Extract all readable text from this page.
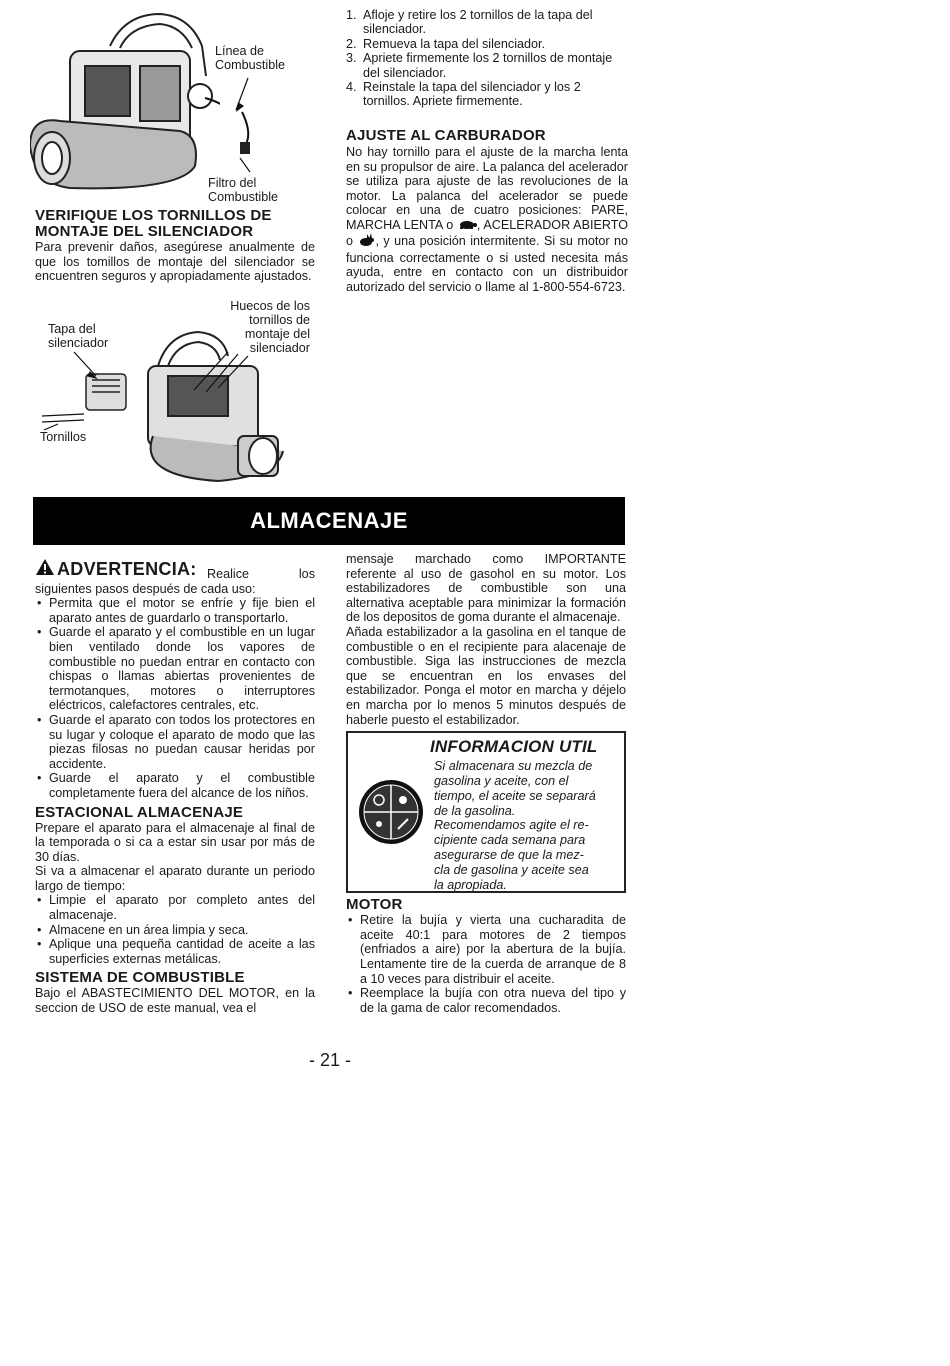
Línea de
Combustible
Filtro del
Combustible
VERIFIQUE LOS TORNILLOS DE
MONTAJE DEL SILENCIADOR

Para prevenir daños, asegúrese anualmente de que los tomillos de montaje del silenciador se encuentren seguros y apropiadamente ajustados.

Huecos de los
tornillos de
montaje del
silenciador
Tapa del
silenciador
Tornillos
1. Afloje y retire los 2 tornillos de la tapa del silenciador.
2. Remueva la tapa del silenciador.
3. Apriete firmemente los 2 tornillos de montaje del silenciador.
4. Reinstale la tapa del silenciador y los 2 tornillos. Apriete firmemente.
AJUSTE AL CARBURADOR

No hay tornillo para el ajuste de la marcha lenta en su propulsor de aire. La palanca del acelerador se utiliza para ajuste de las revoluciones de la motor. La palanca del acelerador se puede colocar en una de cuatro posiciones: PARE, MARCHA LENTA o , ACELERADOR ABIERTO o , y una posición intermitente. Si su motor no funciona correctamente o si usted necesita más ayuda, entre en contacto con un distribuidor autorizado del servicio o llame al 1-800-554-6723.

ALMACENAJE
ADVERTENCIA: Realice los siguientes pasos después de cada uso:
• Permita que el motor se enfríe y fije bien el aparato antes de guardarlo o transportarlo.
• Guarde el aparato y el combustible en un lugar bien ventilado donde los vapores de combustible no puedan entrar en contacto con chispas o llamas abiertas provenientes de termotanques, motores o interruptores eléctricos, calefactores centrales, etc.
• Guarde el aparato con todos los protectores en su lugar y coloque el aparato de modo que las piezas filosas no puedan causar heridas por accidente.
• Guarde el aparato y el combustible completamente fuera del alcance de los niños.
ESTACIONAL ALMACENAJE
Prepare el aparato para el almacenaje al final de la temporada o si ca a estar sin usar por más de 30 días.
Si va a almacenar el aparato durante un periodo largo de tiempo:
• Limpie el aparato por completo antes del almacenaje.
• Almacene en un área limpia y seca.
• Aplique una pequeña cantidad de aceite a las superficies externas metálicas.
SISTEMA DE COMBUSTIBLE
Bajo el ABASTECIMIENTO DEL MOTOR, en la seccion de USO de este manual, vea el
mensaje marchado como IMPORTANTE referente al uso de gasohol en su motor. Los estabilizadores de combustible son una alternativa aceptable para minimizar la formación de los depositos de goma durante el almacenaje.
Añada estabilizador a la gasolina en el tanque de combustible o en el recipiente para alacenaje de combustible. Siga las instrucciones de mezcla que se encuentran en los envases del estabilizador. Ponga el motor en marcha y déjelo en marcha por lo menos 5 minutos después de haberle puesto el estabilizador.
INFORMACION UTIL
Si almacenara su mezcla de
gasolina y aceite, con el
tiempo, el aceite se separará
de la gasolina.
Recomendamos agite el re-
cipiente cada semana para
asegurarse de que la mez-
cla de gasolina y aceite sea
la apropiada.
MOTOR
• Retire la bujía y vierta una cucharadita de aceite 40:1 para motores de 2 tiempos (enfriados a aire) por la abertura de la bujía. Lentamente tire de la cuerda de arranque de 8 a 10 veces para distribuir el aceite.
• Reemplace la bujía con otra nueva del tipo y de la gama de calor recomendados.
- 21 -
